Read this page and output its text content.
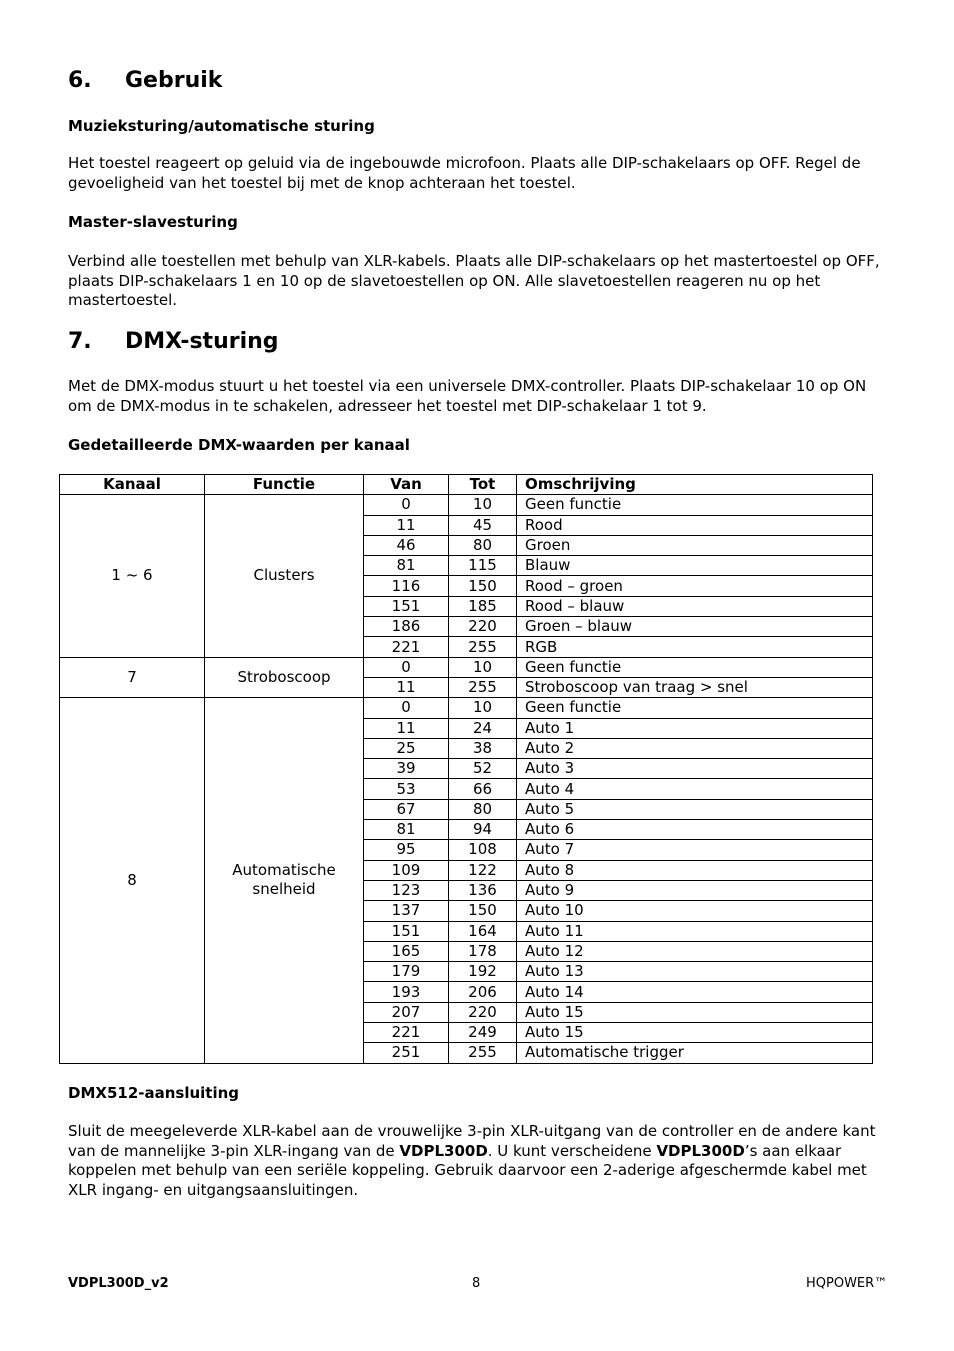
6. Gebruik
Muzieksturing/automatische sturing

Het toestel reageert op geluid via de ingebouwde microfoon. Plaats alle DIP-schakelaars op OFF. Regel de gevoeligheid van het toestel bij met de knop achteraan het toestel.

Master-slavesturing

Verbind alle toestellen met behulp van XLR-kabels. Plaats alle DIP-schakelaars op het mastertoestel op OFF, plaats DIP-schakelaars 1 en 10 op de slavetoestellen op ON. Alle slavetoestellen reageren nu op het mastertoestel.

7. DMX-sturing

Met de DMX-modus stuurt u het toestel via een universele DMX-controller. Plaats DIP-schakelaar 10 op ON om de DMX-modus in te schakelen, adresseer het toestel met DIP-schakelaar 1 tot 9.

Gedetailleerde DMX-waarden per kanaal
Kanaal	Functie	Van	Tot	Omschrijving
1 ~ 6	Clusters	0	10	Geen functie
		11	45	Rood
		46	80	Groen
		81	115	Blauw
		116	150	Rood – groen
		151	185	Rood – blauw
		186	220	Groen – blauw
		221	255	RGB
7	Stroboscoop	0	10	Geen functie
		11	255	Stroboscoop van traag > snel
8	Automatische
snelheid	0	10	Geen functie
		11	24	Auto 1
		25	38	Auto 2
		39	52	Auto 3
		53	66	Auto 4
		67	80	Auto 5
		81	94	Auto 6
		95	108	Auto 7
		109	122	Auto 8
		123	136	Auto 9
		137	150	Auto 10
		151	164	Auto 11
		165	178	Auto 12
		179	192	Auto 13
		193	206	Auto 14
		207	220	Auto 15
		221	249	Auto 15
		251	255	Automatische trigger
DMX512-aansluiting

Sluit de meegeleverde XLR-kabel aan de vrouwelijke 3-pin XLR-uitgang van de controller en de andere kant van de mannelijke 3-pin XLR-ingang van de VDPL300D. U kunt verscheidene VDPL300D’s aan elkaar koppelen met behulp van een seriële koppeling. Gebruik daarvoor een 2-aderige afgeschermde kabel met XLR ingang- en uitgangsaansluitingen.

VDPL300D_v2	8	HQPOWER™
